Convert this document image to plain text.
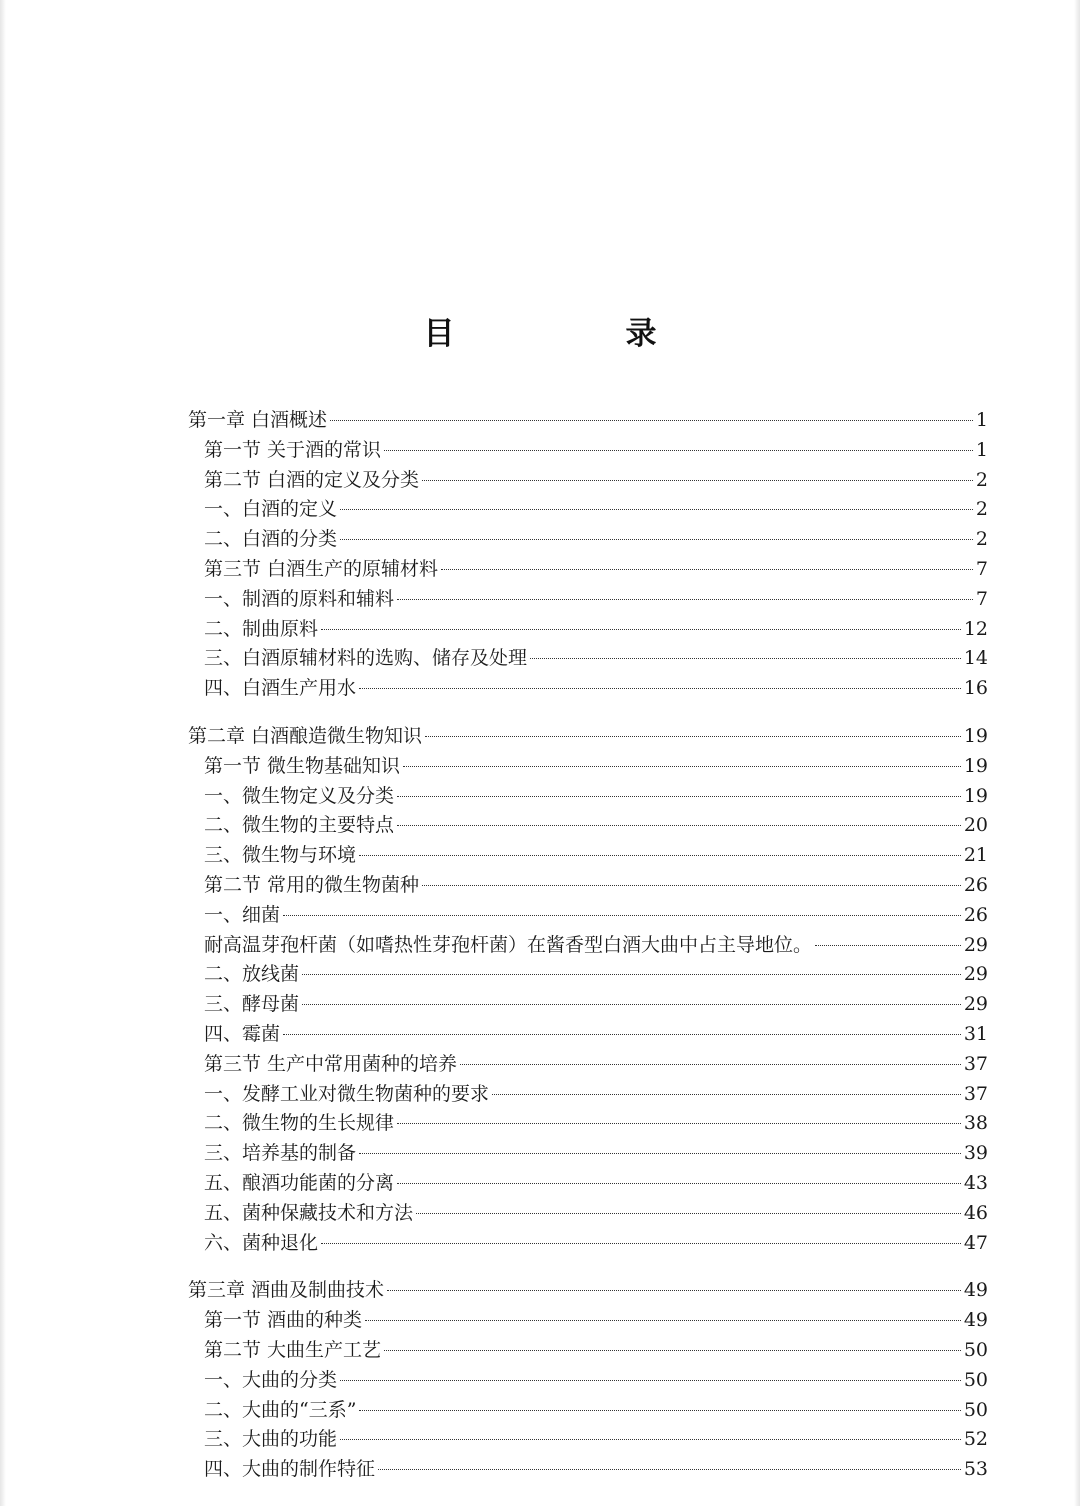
目　录
第一章 白酒概述	1
第一节 关于酒的常识	1
第二节 白酒的定义及分类	2
一、白酒的定义	2
二、白酒的分类	2
第三节 白酒生产的原辅材料	7
一、制酒的原料和辅料	7
二、制曲原料	12
三、白酒原辅材料的选购、储存及处理	14
四、白酒生产用水	16
第二章 白酒酿造微生物知识	19
第一节 微生物基础知识	19
一、微生物定义及分类	19
二、微生物的主要特点	20
三、微生物与环境	21
第二节 常用的微生物菌种	26
一、细菌	26
耐高温芽孢杆菌（如嗜热性芽孢杆菌）在酱香型白酒大曲中占主导地位。	29
二、放线菌	29
三、酵母菌	29
四、霉菌	31
第三节 生产中常用菌种的培养	37
一、发酵工业对微生物菌种的要求	37
二、微生物的生长规律	38
三、培养基的制备	39
五、酿酒功能菌的分离	43
五、菌种保藏技术和方法	46
六、菌种退化	47
第三章 酒曲及制曲技术	49
第一节 酒曲的种类	49
第二节 大曲生产工艺	50
一、大曲的分类	50
二、大曲的“三系”	50
三、大曲的功能	52
四、大曲的制作特征	53
